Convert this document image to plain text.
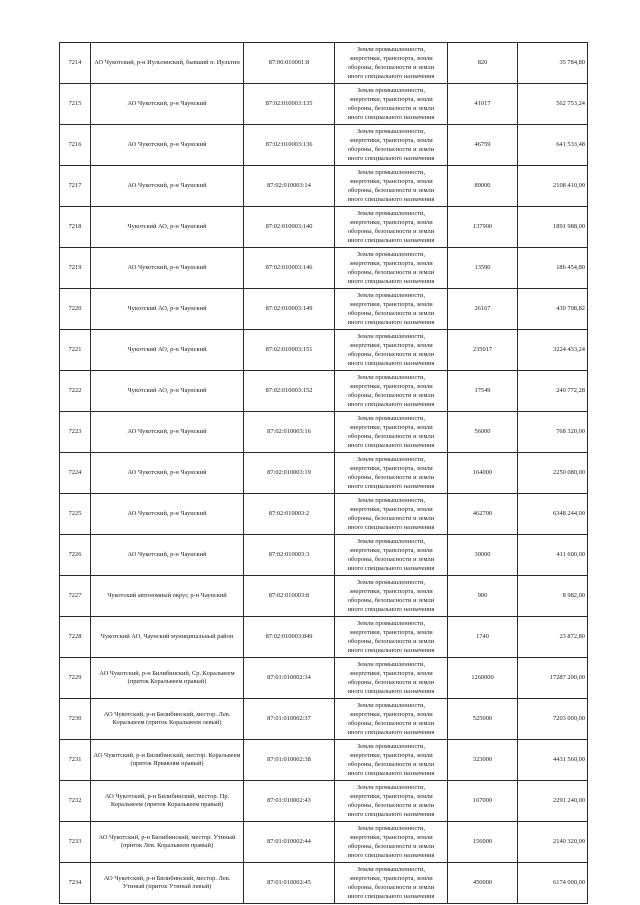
7214	АО Чукотский, р-н Иультинский, бывший п. Иультин	87:06:010001:8	Земли промышленности,
энергетики, транспорта, земли
обороны, безопасности и земли
иного специального назначения	820	35 784,80
7215	АО Чукотский, р-н Чаунский	87:02:010003:135	Земли промышленности,
энергетики, транспорта, земли
обороны, безопасности и земли
иного специального назначения	41017	562 753,24
7216	АО Чукотский, р-н Чаунский	87:02:010003:136	Земли промышленности,
энергетики, транспорта, земли
обороны, безопасности и земли
иного специального назначения	46759	641 533,48
7217	АО Чукотский, р-н Чаунский	87:02:010003:14	Земли промышленности,
энергетики, транспорта, земли
обороны, безопасности и земли
иного специального назначения	89000	2108 410,00
7218	Чукотский АО, р-н Чаунский	87:02:010003:140	Земли промышленности,
энергетики, транспорта, земли
обороны, безопасности и земли
иного специального назначения	137900	1891 988,00
7219	АО Чукотский, р-н Чаунский	87:02:010003:146	Земли промышленности,
энергетики, транспорта, земли
обороны, безопасности и земли
иного специального назначения	13590	186 454,80
7220	Чукотский АО, р-н Чаунский	87:02:010003:149	Земли промышленности,
энергетики, транспорта, земли
обороны, безопасности и земли
иного специального назначения	26167	430 708,82
7221	Чукотский АО, р-н Чаунский	87:02:010003:151	Земли промышленности,
энергетики, транспорта, земли
обороны, безопасности и земли
иного специального назначения	235017	3224 433,24
7222	Чукотский АО, р-н Чаунский	87:02:010003:152	Земли промышленности,
энергетики, транспорта, земли
обороны, безопасности и земли
иного специального назначения	17549	240 772,28
7223	АО Чукотский, р-н Чаунский	87:02:010003:16	Земли промышленности,
энергетики, транспорта, земли
обороны, безопасности и земли
иного специального назначения	56000	768 320,00
7224	АО Чукотский, р-н Чаунский	87:02:010003:19	Земли промышленности,
энергетики, транспорта, земли
обороны, безопасности и земли
иного специального назначения	164000	2250 080,00
7225	АО Чукотский, р-н Чаунский	87:02:010003:2	Земли промышленности,
энергетики, транспорта, земли
обороны, безопасности и земли
иного специального назначения	462700	6348 244,00
7226	АО Чукотский, р-н Чаунский	87:02:010003:3	Земли промышленности,
энергетики, транспорта, земли
обороны, безопасности и земли
иного специального назначения	30000	411 600,00
7227	Чукотский автономный округ, р-н Чаунский	87:02:010003:8	Земли промышленности,
энергетики, транспорта, земли
обороны, безопасности и земли
иного специального назначения	900	8 982,00
7228	Чукотский АО, Чаунский муниципальный район	87:02:010003:849	Земли промышленности,
энергетики, транспорта, земли
обороны, безопасности и земли
иного специального назначения	1740	23 872,80
7229	АО Чукотский, р-н Билибинский, Ср. Коральвеем (приток Коральвеем правый)	87:01:010002:34	Земли промышленности,
энергетики, транспорта, земли
обороны, безопасности и земли
иного специального назначения	1260000	17287 200,00
7230	АО Чукотский, р-н Билибинский, местор. Лев. Коральвеем (приток Коральвеем левый)	87:01:010002:37	Земли промышленности,
энергетики, транспорта, земли
обороны, безопасности и земли
иного специального назначения	525000	7203 000,00
7231	АО Чукотский, р-н Билибинский, местор. Коральвеем (приток Ярвавлям правый)	87:01:010002:38	Земли промышленности,
энергетики, транспорта, земли
обороны, безопасности и земли
иного специального назначения	323000	4431 560,00
7232	АО Чукотский, р-н Билибинский, местор. Пр. Коральвеем (приток Коральвеем правый)	87:01:010002:43	Земли промышленности,
энергетики, транспорта, земли
обороны, безопасности и земли
иного специального назначения	167000	2291 240,00
7233	АО Чукотский, р-н Билибинский, местор. Утиный (приток Лев. Коральвеем правый)	87:01:010002:44	Земли промышленности,
энергетики, транспорта, земли
обороны, безопасности и земли
иного специального назначения	156000	2140 320,00
7234	АО Чукотский, р-н Билибинский, местор. Лев. Утиный (приток Утиный левый)	87:01:010002:45	Земли промышленности,
энергетики, транспорта, земли
обороны, безопасности и земли
иного специального назначения	450000	6174 000,00
